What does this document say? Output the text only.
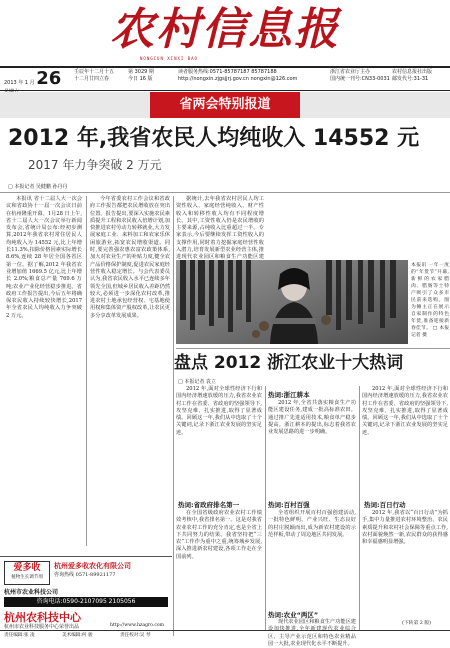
农村信息报
NONGCUN XINXI BAO
2013 年 1 月 26	壬辰年十二月十五
十二月廿四立春
第 3029 期
今日 16 版
读者服务热线:0571-85787187 85787188
http://nongxin.zjgsjjrj.gov.cn nongxin@126.com
浙江省农业厅主办
国内统一刊号:CN33-0031
农村信息报社出版
邮发代号:31-31
省两会特别报道
2012 年,我省农民人均纯收入 14552 元
2017 年力争突破 2 万元
□ 本报记者 吴健鹏 孙丹丹
本报讯 省十二届人大一次会议和省政协十一届一次会议日前在杭州隆重开幕。1月28 日上午,省十二届人大一次会议举行新闻发布会,省统计局公布:经初步测算,2012年我省农村常住居民人均纯收入为 14552 元,比上年增长11.3%,扣除价格因素实际增长 8.6%,连续 28 年居全国各省区第一位。据了解,2012 年我省农业增加值 1669.5 亿元,比上年增长 2.0%;粮食总产量 769.6 万吨;农业产业化经营稳步推进。省政府工作报告提出,今后五年将确保农民收入持续较快增长,2017 年全省农民人均纯收入力争突破 2 万元。
今年省委农村工作会议和省政府工作报告都把农民增收放在突出位置。报告提出,要深入实施农民素质提升工程和农民收入倍增计划,加快推进农村劳动力转移就业,大力发展家庭工业、来料加工和农家乐休闲旅游业,拓宽农民增收渠道。同时,要完善强农惠农富农政策体系,加大对农业生产的补贴力度,健全农产品价格保护制度,促进农民家庭经营性收入稳定增长。与会代表委员认为,我省农民收入水平已连续多年领先全国,但城乡居民收入差距仍然较大,必须进一步深化农村改革,推进农村土地承包经营权、宅基地使用权和集体资产股权改革,让农民更多分享改革发展成果。
据统计,去年我省农村居民人均工资性收入、家庭经营纯收入、财产性收入和转移性收入均有不同程度增长。其中,工资性收入仍是农民增收的主要来源,占纯收入比重超过一半。专家表示,今后要继续发挥工资性收入的支撑作用,同时着力挖掘家庭经营性收入潜力,培育发展新型农业经营主体,推进现代农业园区和粮食生产功能区建
本报讯 一年一度的“年货节”开幕,新鲜的农家腊肉、腊肠等土特产吸引了众多市民前来选购。图为摊主正在展示自家制作的特色年货,准备迎接新春佳节。 □ 本报记者 摄
盘点 2012 浙江农业十大热词
□ 本报记者 袁立
2012 年,面对全球性经济下行和国内经济增速放缓的压力,我省农业农村工作在省委、省政府的坚强领导下,攻坚克难、扎实推进,取得了显著成绩。回顾这一年,我们从中选取了十个关键词,记录下浙江农业发展的坚实足迹。
热词:省政府排名第一
在全国省级政府农业农村工作绩效考核中,我省排名第一。这是对我省农业农村工作的充分肯定,也是全省上下共同努力的结果。我省坚持把“三农”工作作为重中之重,统筹城乡发展,深入推进新农村建设,各项工作走在全国前列。
热词:浙江耕本
2012 年,全省共落实粮食生产功能区建设任务,建成一批高标准农田。通过推广先进适用技术,粮食单产稳步提高。浙江耕本的提出,标志着我省农业发展思路的进一步明确。
热词:百村百强
全省组织开展百村百强创建活动,一批特色鲜明、产业兴旺、生态良好的村庄脱颖而出,成为新农村建设的示范样板,带动了周边地区共同发展。
热词:农业“两区”
现代农业园区和粮食生产功能区建设加快推进,全年新建现代农业综合区、主导产业示范区和特色农业精品园一大批,农业现代化水平不断提升。
2012 年,面对全球性经济下行和国内经济增速放缓的压力,我省农业农村工作在省委、省政府的坚强领导下,攻坚克难、扎实推进,取得了显著成绩。回顾这一年,我们从中选取了十个关键词,记录下浙江农业发展的坚实足迹。
热词:百日行动
2012 年,我省以“百日行动”为抓手,集中力量推进农村环境整治、农民素质提升和农村社会保障等重点工作,农村面貌焕然一新,农民群众的获得感和幸福感明显增强。
(下转第 2 版)
爱多收
植物生长调节剂
杭州爱多收农化有限公司
咨询热线 0571-89921177
杭州市农业科技公司
咨询电话:0590-2107095 2105056
杭州农科技中心
杭州市农业科技服务中心荣誉出品	http://www.hzagro.com
责任编辑:张 凌	美术编辑:何 骏	责任校对:吴 琴
